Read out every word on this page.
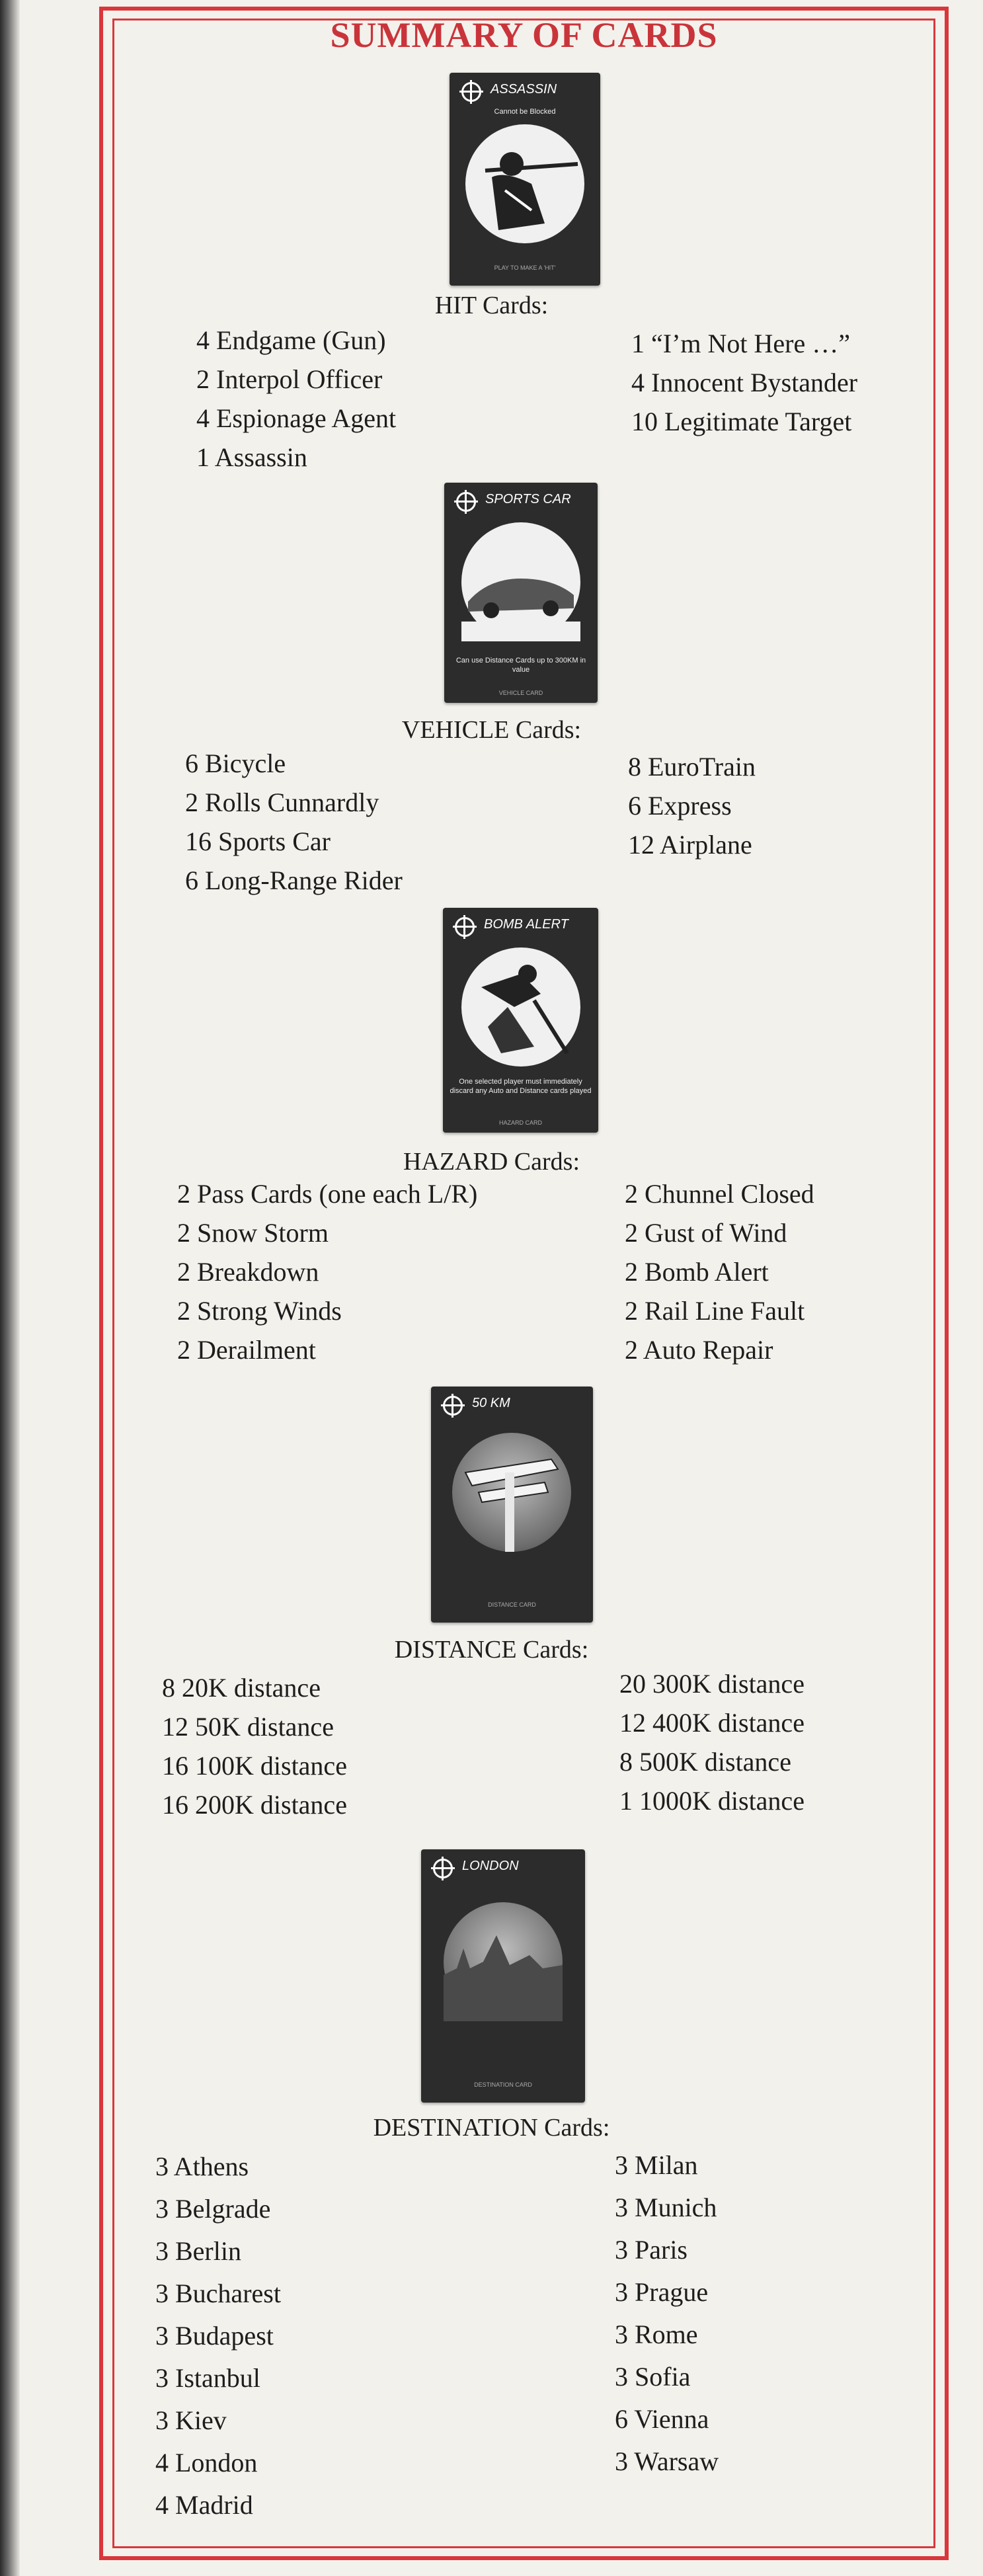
SUMMARY OF CARDS
ASSASSIN
Cannot be Blocked
PLAY TO MAKE A 'HIT'
HIT Cards:
4 Endgame (Gun)
2 Interpol Officer
4 Espionage Agent
1 Assassin
1 “I’m Not Here …”
4 Innocent Bystander
10 Legitimate Target
SPORTS CAR
Can use Distance Cards up to 300KM in value
VEHICLE CARD
VEHICLE Cards:
6 Bicycle
2 Rolls Cunnardly
16 Sports Car
6 Long-Range Rider
8 EuroTrain
6 Express
12 Airplane
BOMB ALERT
One selected player must immediately discard any Auto and Distance cards played
HAZARD CARD
HAZARD Cards:
2 Pass Cards (one each L/R)
2 Snow Storm
2 Breakdown
2 Strong Winds
2 Derailment
2 Chunnel Closed
2 Gust of Wind
2 Bomb Alert
2 Rail Line Fault
2 Auto Repair
50 KM
DISTANCE CARD
DISTANCE Cards:
8 20K distance
12 50K distance
16 100K distance
16 200K distance
20 300K distance
12 400K distance
8 500K distance
1 1000K distance
LONDON
DESTINATION CARD
DESTINATION Cards:
3 Athens
3 Belgrade
3 Berlin
3 Bucharest
3 Budapest
3 Istanbul
3 Kiev
4 London
4 Madrid
3 Milan
3 Munich
3 Paris
3 Prague
3 Rome
3 Sofia
6 Vienna
3 Warsaw
